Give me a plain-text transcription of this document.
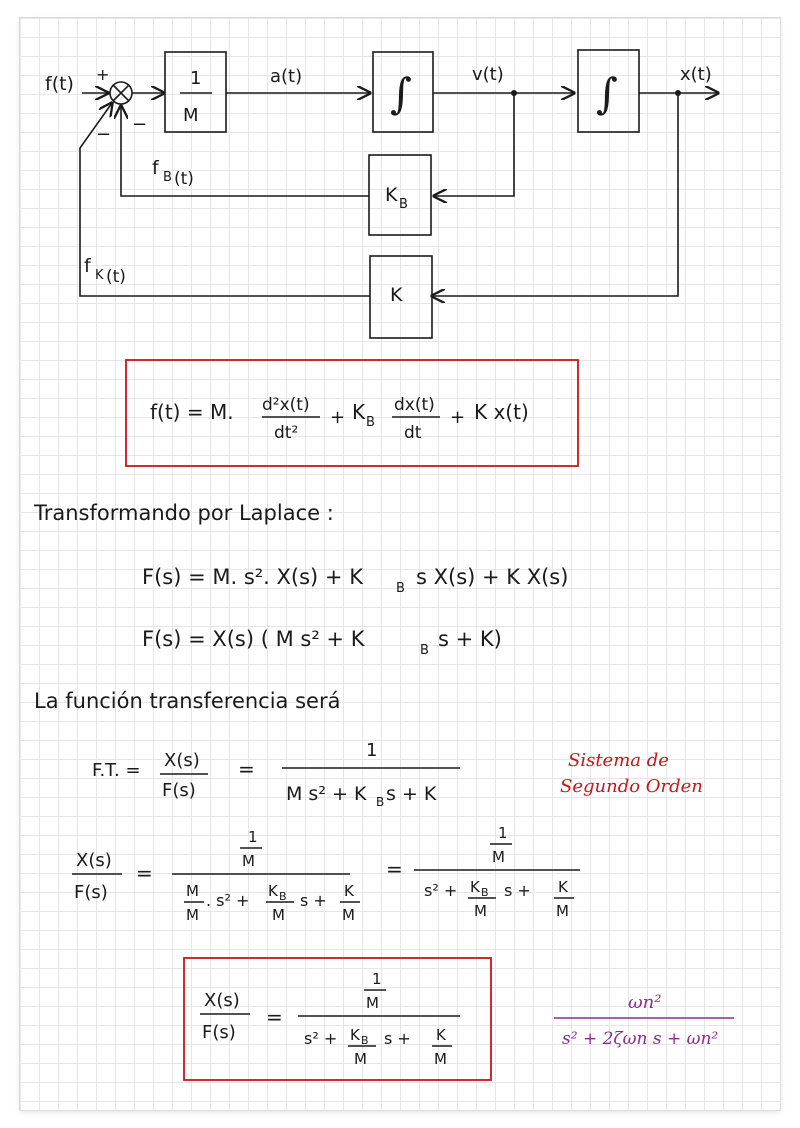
f(t) +
−
−
1
M
a(t) ∫	v(t) ∫	x(t)
K B
f B (t)
K
f K (t)
f(t) = M. d²x(t)
dt²
+ K B
dx(t)
dt
+ K x(t)
Transformando por Laplace :
F(s) = M. s². X(s) + K	B s X(s) + K X(s)
F(s) = X(s) ( M s² + K	B s + K)
La función transferencia será
F.T. = X(s)
F(s)
=
1
M s² + K B s + K
Sistema de
Segundo Orden
X(s)
F(s)
=
1
M
M
M
. s² + K B
M
s + K
M
=
1
M
s² + K B
M
s + K
M
X(s)
F(s)
=
1
M
s² + K B
M
s + K
M
ωn²
s² + 2ζωn s + ωn²
